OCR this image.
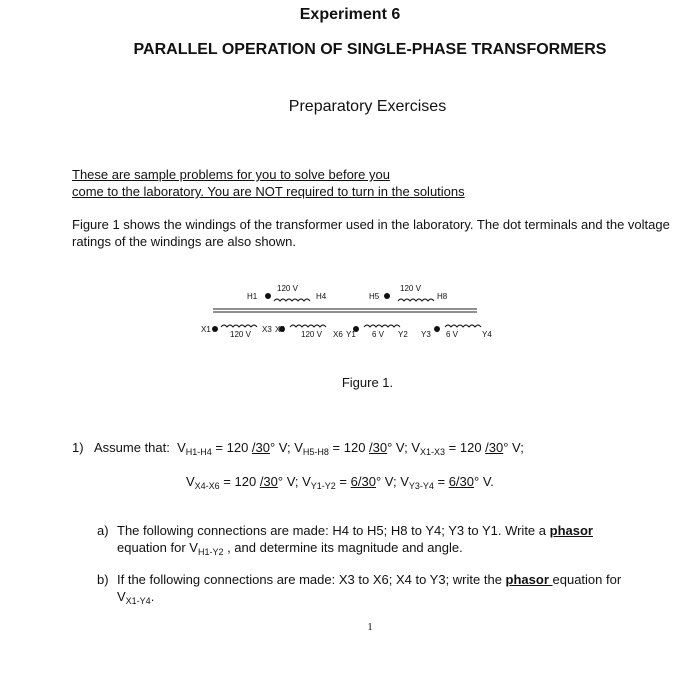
Experiment 6
PARALLEL OPERATION OF SINGLE-PHASE TRANSFORMERS
Preparatory Exercises
These are sample problems for you to solve before you
come to the laboratory. You are NOT required to turn in the solutions
Figure 1 shows the windings of the transformer used in the laboratory. The dot terminals and the voltage ratings of the windings are also shown.
H1
120 V
H4	H5
120 V
H8
X1
120 V
X3 X4
120 V X6 Y1 6 V Y2 Y3 6 V	Y4
Figure 1.
1) Assume that: $V_{H1-H4} = 120$ /30° V; $V_{H5-H8} = 120$ /30° V; $V_{X1-X3} = 120$ /30° V;
$V_{X4-X6} = 120$ /30° V; $V_{Y1-Y2} = 6/30^\circ$ V; $V_{Y3-Y4} = 6/30^\circ$ V.
a) The following connections are made: H4 to H5; H8 to Y4; Y3 to Y1. Write a phasor
equation for $V_{H1-Y2}$ , and determine its magnitude and angle.
b) If the following connections are made: X3 to X6; X4 to Y3; write the phasor equation for
$V_{X1-Y4}$.
1
